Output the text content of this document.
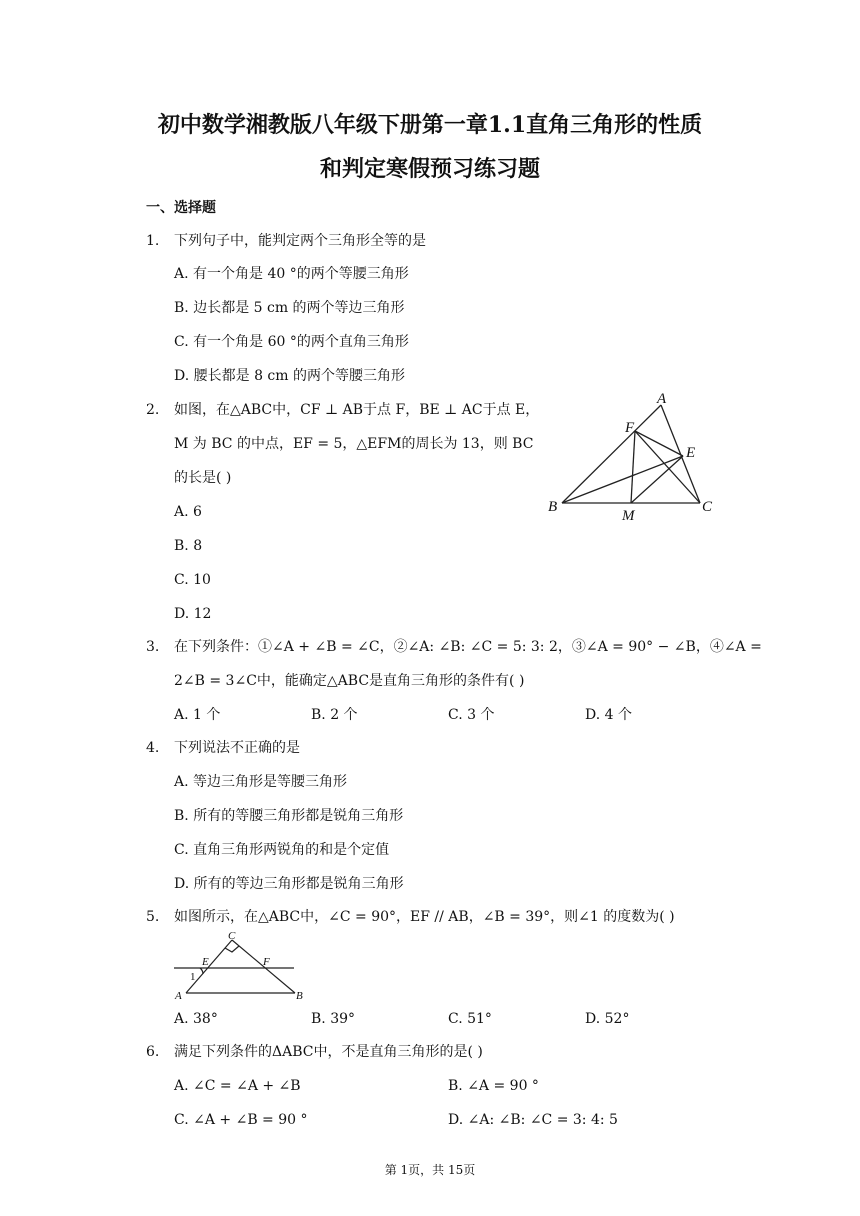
初中数学湘教版八年级下册第一章1.1直角三角形的性质
和判定寒假预习练习题
一、选择题
1. 下列句子中，能判定两个三角形全等的是
A. 有一个角是 40 °的两个等腰三角形
B. 边长都是 5 cm 的两个等边三角形
C. 有一个角是 60 °的两个直角三角形
D. 腰长都是 8 cm 的两个等腰三角形
2. 如图，在△ABC中，CF ⊥ AB于点 F，BE ⊥ AC于点 E，
M 为 BC 的中点，EF = 5，△EFM的周长为 13，则 BC
的长是( )
A. 6
B. 8
C. 10
D. 12
A
B	C
E
F
M
3. 在下列条件：①∠A + ∠B = ∠C，②∠A: ∠B: ∠C = 5: 3: 2，③∠A = 90° − ∠B，④∠A =
2∠B = 3∠C中，能确定△ABC是直角三角形的条件有( )
A. 1 个	B. 2 个	C. 3 个	D. 4 个
4. 下列说法不正确的是
A. 等边三角形是等腰三角形
B. 所有的等腰三角形都是锐角三角形
C. 直角三角形两锐角的和是个定值
D. 所有的等边三角形都是锐角三角形
5. 如图所示，在△ABC中，∠C = 90°，EF // AB，∠B = 39°，则∠1 的度数为( )
C
E	F
1
A	B
A. 38°	B. 39°	C. 51°	D. 52°
6. 满足下列条件的ΔABC中，不是直角三角形的是( )
A. ∠C = ∠A + ∠B	B. ∠A = 90 °
C. ∠A + ∠B = 90 °	D. ∠A: ∠B: ∠C = 3: 4: 5
第 1页，共 15页
